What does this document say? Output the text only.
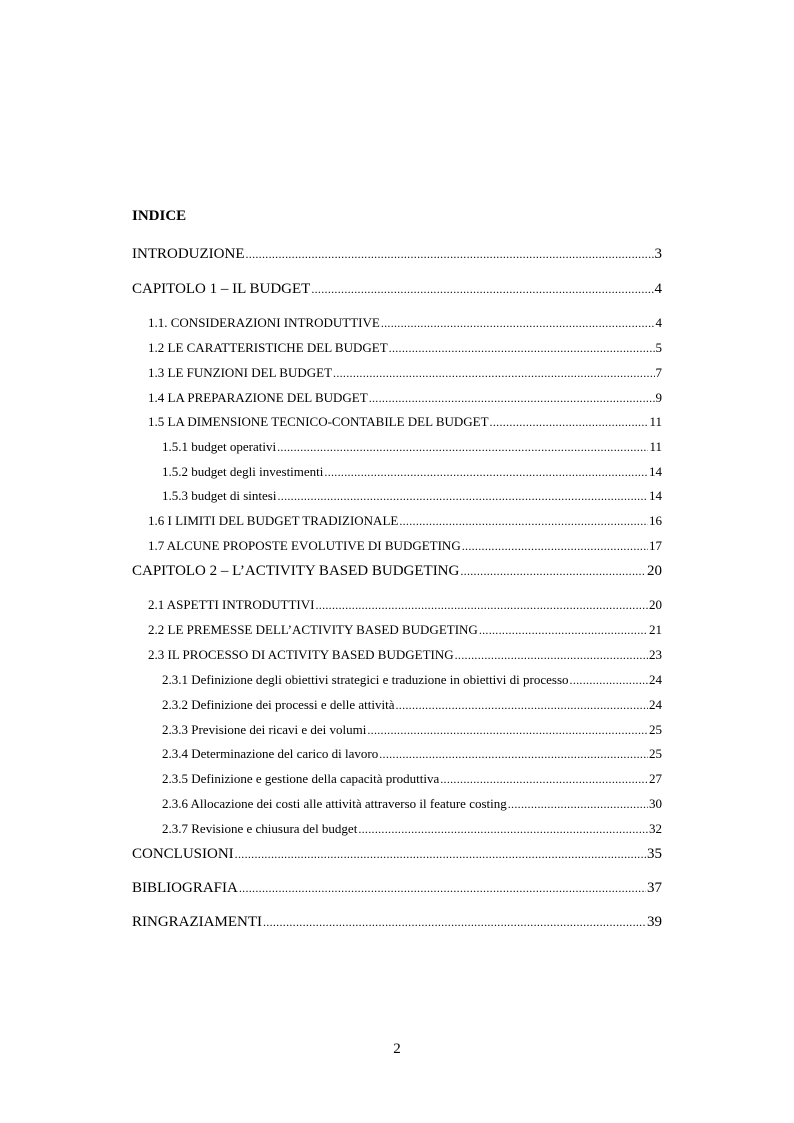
INDICE
INTRODUZIONE .....	3
CAPITOLO 1 – IL BUDGET .....	4
1.1. CONSIDERAZIONI INTRODUTTIVE .....	4
1.2 LE CARATTERISTICHE DEL BUDGET .....	5
1.3 LE FUNZIONI DEL BUDGET .....	7
1.4 LA PREPARAZIONE DEL BUDGET .....	9
1.5 LA DIMENSIONE TECNICO-CONTABILE DEL BUDGET .....	11
1.5.1 budget operativi .....	11
1.5.2 budget degli investimenti .....	14
1.5.3 budget di sintesi .....	14
1.6 I LIMITI DEL BUDGET TRADIZIONALE .....	16
1.7 ALCUNE PROPOSTE EVOLUTIVE DI BUDGETING .....	17
CAPITOLO 2 – L’ACTIVITY BASED BUDGETING .....	20
2.1 ASPETTI INTRODUTTIVI .....	20
2.2 LE PREMESSE DELL’ACTIVITY BASED BUDGETING .....	21
2.3 IL PROCESSO DI ACTIVITY BASED BUDGETING .....	23
2.3.1 Definizione degli obiettivi strategici e traduzione in obiettivi di processo .....	24
2.3.2 Definizione dei processi e delle attività .....	24
2.3.3 Previsione dei ricavi e dei volumi .....	25
2.3.4 Determinazione del carico di lavoro .....	25
2.3.5 Definizione e gestione della capacità produttiva .....	27
2.3.6 Allocazione dei costi alle attività attraverso il feature costing .....	30
2.3.7 Revisione e chiusura del budget .....	32
CONCLUSIONI .....	35
BIBLIOGRAFIA .....	37
RINGRAZIAMENTI .....	39
2
